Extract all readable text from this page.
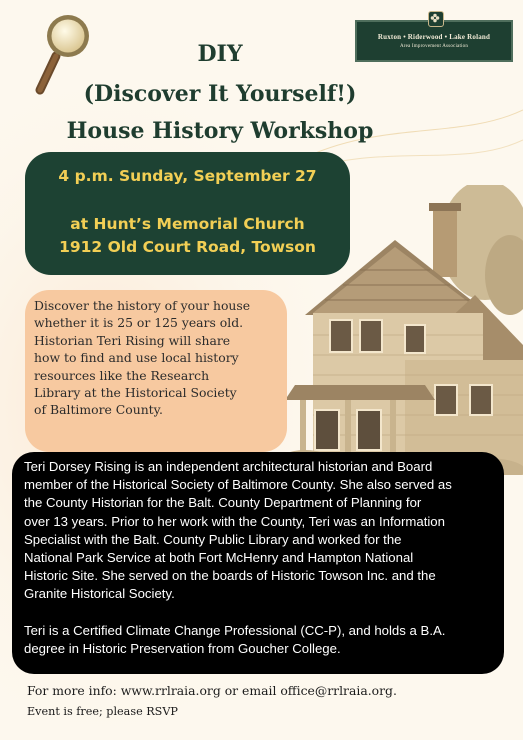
Ruxton • Riderwood • Lake Roland
Area Improvement Association
DIY
(Discover It Yourself!)
House History Workshop
4 p.m. Sunday, September 27
at Hunt’s Memorial Church
1912 Old Court Road, Towson
Discover the history of your house
whether it is 25 or 125 years old.
Historian Teri Rising will share
how to find and use local history
resources like the Research
Library at the Historical Society
of Baltimore County.
Teri Dorsey Rising is an independent architectural historian and Board
member of the Historical Society of Baltimore County. She also served as
the County Historian for the Balt. County Department of Planning for
over 13 years. Prior to her work with the County, Teri was an Information
Specialist with the Balt. County Public Library and worked for the
National Park Service at both Fort McHenry and Hampton National
Historic Site. She served on the boards of Historic Towson Inc. and the
Granite Historical Society.
Teri is a Certified Climate Change Professional (CC-P), and holds a B.A.
degree in Historic Preservation from Goucher College.
For more info: www.rrlraia.org or email office@rrlraia.org.
Event is free; please RSVP
